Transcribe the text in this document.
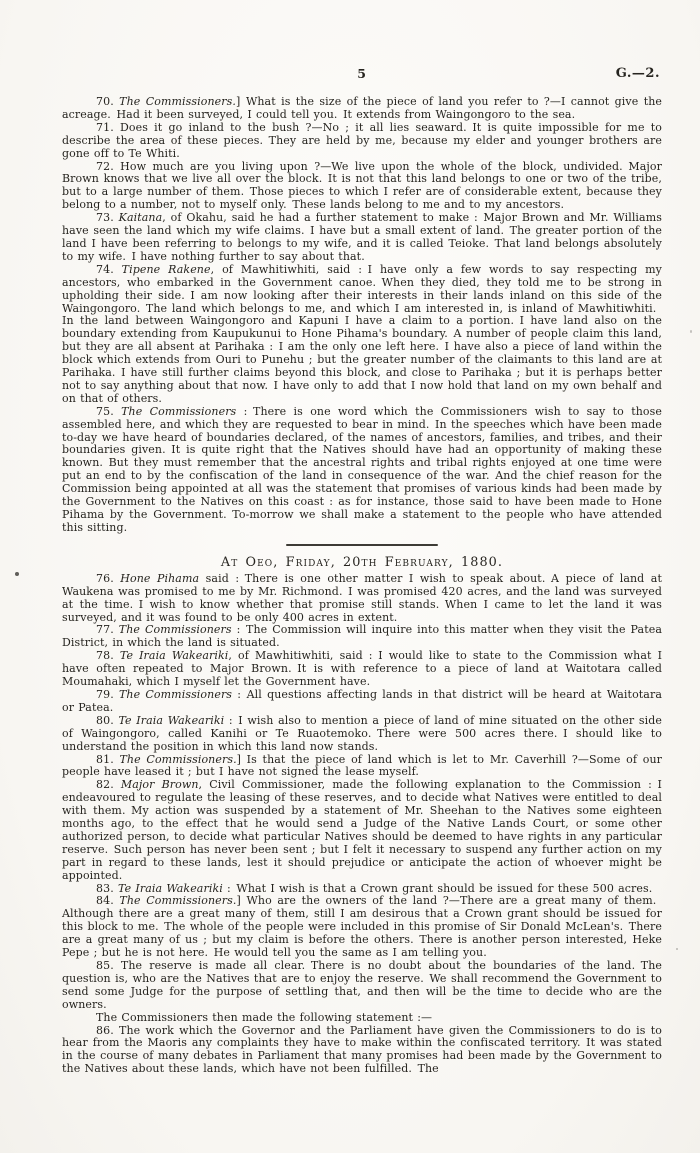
5	G.—2.

70. The Commissioners.] What is the size of the piece of land you refer to ?—I cannot give the acreage. Had it been surveyed, I could tell you. It extends from Waingongoro to the sea.

71. Does it go inland to the bush ?—No ; it all lies seaward. It is quite impossible for me to describe the area of these pieces. They are held by me, because my elder and younger brothers are gone off to Te Whiti.

72. How much are you living upon ?—We live upon the whole of the block, undivided. Major Brown knows that we live all over the block. It is not that this land belongs to one or two of the tribe, but to a large number of them. Those pieces to which I refer are of considerable extent, because they belong to a number, not to myself only. These lands belong to me and to my ancestors.

73. Kaitana, of Okahu, said he had a further statement to make : Major Brown and Mr. Williams have seen the land which my wife claims. I have but a small extent of land. The greater portion of the land I have been referring to belongs to my wife, and it is called Teioke. That land belongs absolutely to my wife. I have nothing further to say about that.

74. Tipene Rakene, of Mawhitiwhiti, said : I have only a few words to say respecting my ancestors, who embarked in the Government canoe. When they died, they told me to be strong in upholding their side. I am now looking after their interests in their lands inland on this side of the Waingongoro. The land which belongs to me, and which I am interested in, is inland of Mawhitiwhiti. In the land between Waingongoro and Kapuni I have a claim to a portion. I have land also on the boundary extending from Kaupukunui to Hone Pihama's boundary. A number of people claim this land, but they are all absent at Parihaka : I am the only one left here. I have also a piece of land within the block which extends from Ouri to Punehu ; but the greater number of the claimants to this land are at Parihaka. I have still further claims beyond this block, and close to Parihaka ; but it is perhaps better not to say anything about that now. I have only to add that I now hold that land on my own behalf and on that of others.

75. The Commissioners : There is one word which the Commissioners wish to say to those assembled here, and which they are requested to bear in mind. In the speeches which have been made to-day we have heard of boundaries declared, of the names of ancestors, families, and tribes, and their boundaries given. It is quite right that the Natives should have had an opportunity of making these known. But they must remember that the ancestral rights and tribal rights enjoyed at one time were put an end to by the confiscation of the land in consequence of the war. And the chief reason for the Commission being appointed at all was the statement that promises of various kinds had been made by the Government to the Natives on this coast : as for instance, those said to have been made to Hone Pihama by the Government. To-morrow we shall make a statement to the people who have attended this sitting.

At Oeo, Friday, 20th February, 1880.

76. Hone Pihama said : There is one other matter I wish to speak about. A piece of land at Waukena was promised to me by Mr. Richmond. I was promised 420 acres, and the land was surveyed at the time. I wish to know whether that promise still stands. When I came to let the land it was surveyed, and it was found to be only 400 acres in extent.

77. The Commissioners : The Commission will inquire into this matter when they visit the Patea District, in which the land is situated.

78. Te Iraia Wakeariki, of Mawhitiwhiti, said : I would like to state to the Commission what I have often repeated to Major Brown. It is with reference to a piece of land at Waitotara called Moumahaki, which I myself let the Government have.

79. The Commissioners : All questions affecting lands in that district will be heard at Waitotara or Patea.

80. Te Iraia Wakeariki : I wish also to mention a piece of land of mine situated on the other side of Waingongoro, called Kanihi or Te Ruaotemoko. There were 500 acres there. I should like to understand the position in which this land now stands.

81. The Commissioners.] Is that the piece of land which is let to Mr. Caverhill ?—Some of our people have leased it ; but I have not signed the lease myself.

82. Major Brown, Civil Commissioner, made the following explanation to the Commission : I endeavoured to regulate the leasing of these reserves, and to decide what Natives were entitled to deal with them. My action was suspended by a statement of Mr. Sheehan to the Natives some eighteen months ago, to the effect that he would send a Judge of the Native Lands Court, or some other authorized person, to decide what particular Natives should be deemed to have rights in any particular reserve. Such person has never been sent ; but I felt it necessary to suspend any further action on my part in regard to these lands, lest it should prejudice or anticipate the action of whoever might be appointed.

83. Te Iraia Wakeariki : What I wish is that a Crown grant should be issued for these 500 acres.

84. The Commissioners.] Who are the owners of the land ?—There are a great many of them. Although there are a great many of them, still I am desirous that a Crown grant should be issued for this block to me. The whole of the people were included in this promise of Sir Donald McLean's. There are a great many of us ; but my claim is before the others. There is another person interested, Heke Pepe ; but he is not here. He would tell you the same as I am telling you.

85. The reserve is made all clear. There is no doubt about the boundaries of the land. The question is, who are the Natives that are to enjoy the reserve. We shall recommend the Government to send some Judge for the purpose of settling that, and then will be the time to decide who are the owners.

The Commissioners then made the following statement :—

86. The work which the Governor and the Parliament have given the Commissioners to do is to hear from the Maoris any complaints they have to make within the confiscated territory. It was stated in the course of many debates in Parliament that many promises had been made by the Government to the Natives about these lands, which have not been fulfilled. The
